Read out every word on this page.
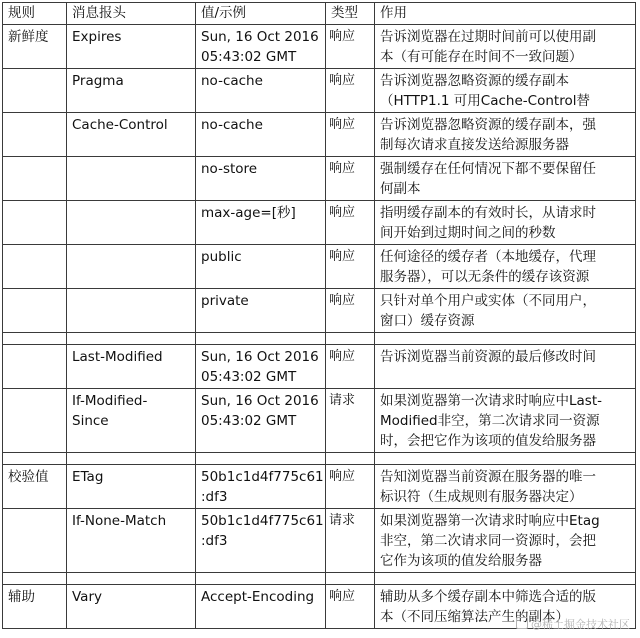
规则	消息报头	值/示例	类型	作用
新鲜度	Expires	Sun, 16 Oct 2016
05:43:02 GMT	响应	告诉浏览器在过期时间前可以使用副
本（有可能存在时间不一致问题）

	Pragma	no-cache	响应	告诉浏览器忽略资源的缓存副本
（HTTP1.1 可用Cache-Control替

	Cache-Control	no-cache	响应	告诉浏览器忽略资源的缓存副本，强
制每次请求直接发送给源服务器

		no-store	响应	强制缓存在任何情况下都不要保留任
何副本

		max-age=[秒]	响应	指明缓存副本的有效时长，从请求时
间开始到过期时间之间的秒数

		public	响应	任何途径的缓存者（本地缓存，代理
服务器），可以无条件的缓存该资源

		private	响应	只针对单个用户或实体（不同用户，
窗口）缓存资源

	Last-Modified	Sun, 16 Oct 2016
05:43:02 GMT	响应	告诉浏览器当前资源的最后修改时间

	If-Modified-
Since	Sun, 16 Oct 2016
05:43:02 GMT	请求	如果浏览器第一次请求时响应中Last-
Modified非空，第二次请求同一资源
时，会把它作为该项的值发给服务器

校验值	ETag	50b1c1d4f775c61
:df3	响应	告知浏览器当前资源在服务器的唯一
标识符（生成规则有服务器决定）

	If-None-Match	50b1c1d4f775c61
:df3	请求	如果浏览器第一次请求时响应中Etag
非空，第二次请求同一资源时，会把
它作为该项的值发给服务器

辅助	Vary	Accept-Encoding	响应	辅助从多个缓存副本中筛选合适的版
本（不同压缩算法产生的副本）
@稀土掘金技术社区
